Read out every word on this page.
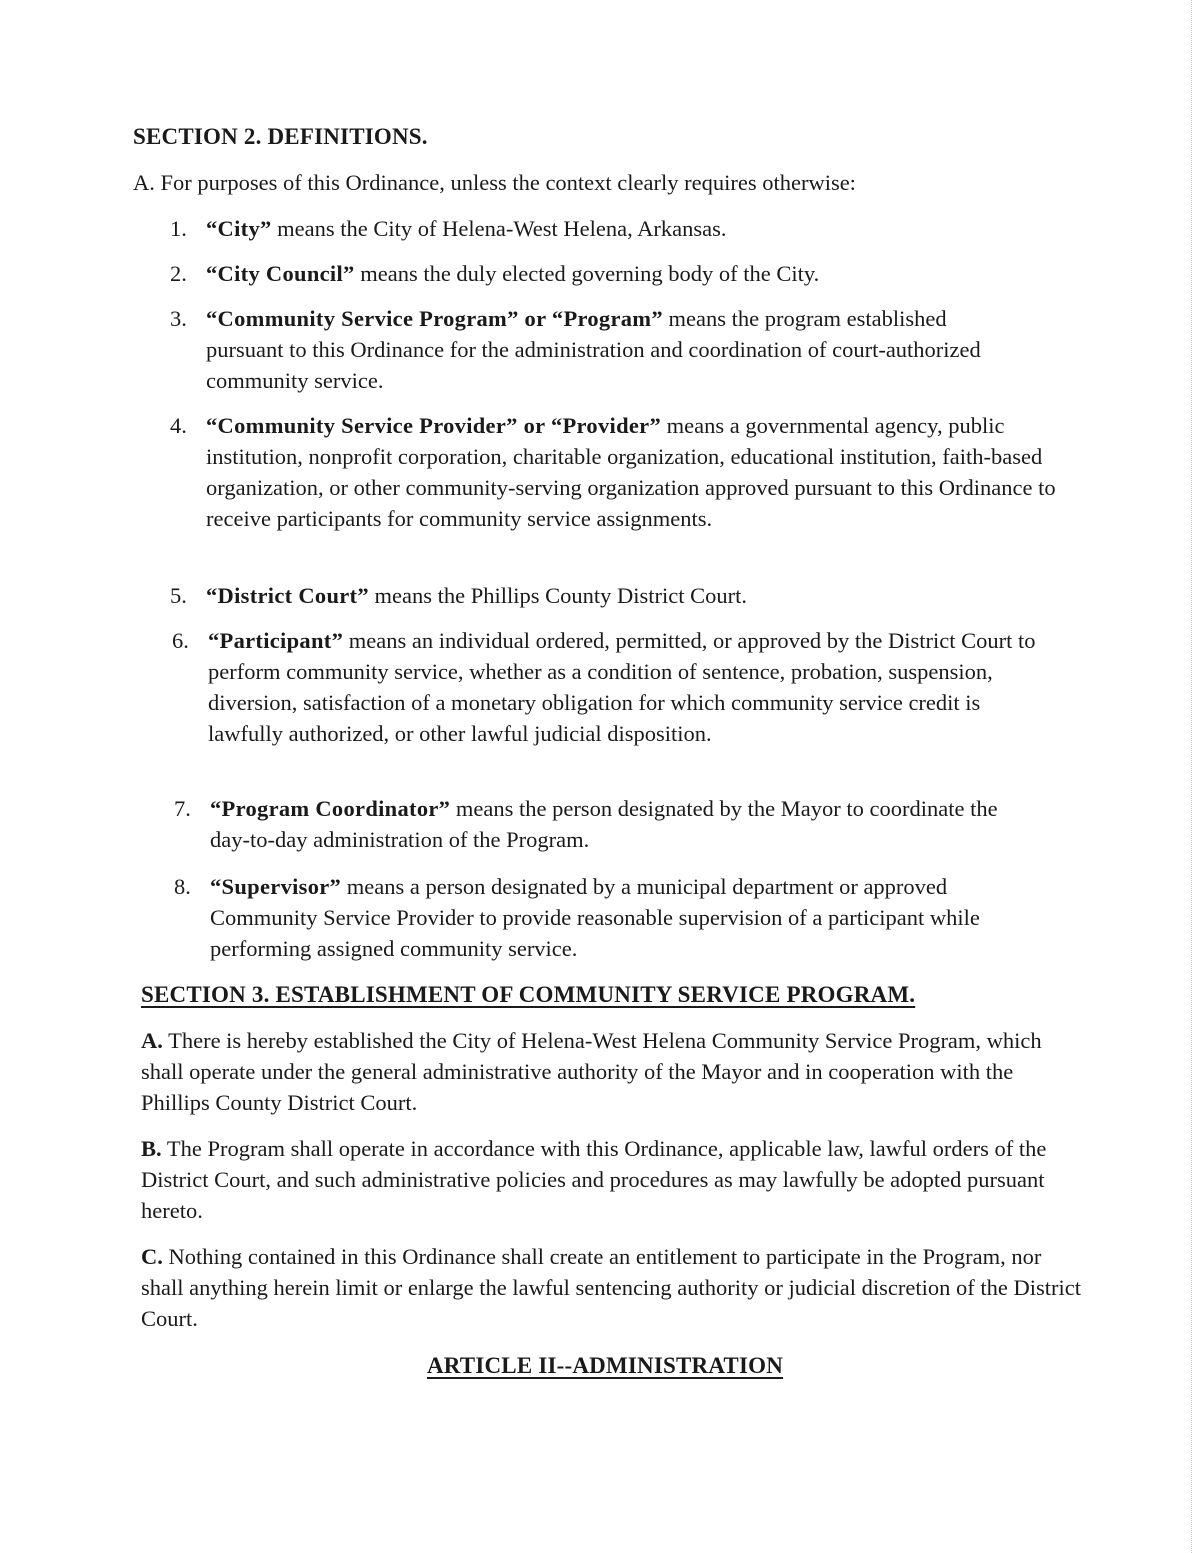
SECTION 2. DEFINITIONS.
A. For purposes of this Ordinance, unless the context clearly requires otherwise:
1. “City” means the City of Helena-West Helena, Arkansas.
2. “City Council” means the duly elected governing body of the City.
3. “Community Service Program” or “Program” means the program established pursuant to this Ordinance for the administration and coordination of court-authorized community service.
4. “Community Service Provider” or “Provider” means a governmental agency, public institution, nonprofit corporation, charitable organization, educational institution, faith-based organization, or other community-serving organization approved pursuant to this Ordinance to receive participants for community service assignments.
5. “District Court” means the Phillips County District Court.
6. “Participant” means an individual ordered, permitted, or approved by the District Court to perform community service, whether as a condition of sentence, probation, suspension, diversion, satisfaction of a monetary obligation for which community service credit is lawfully authorized, or other lawful judicial disposition.
7. “Program Coordinator” means the person designated by the Mayor to coordinate the day-to-day administration of the Program.
8. “Supervisor” means a person designated by a municipal department or approved Community Service Provider to provide reasonable supervision of a participant while performing assigned community service.
SECTION 3. ESTABLISHMENT OF COMMUNITY SERVICE PROGRAM.
A. There is hereby established the City of Helena-West Helena Community Service Program, which shall operate under the general administrative authority of the Mayor and in cooperation with the Phillips County District Court.
B. The Program shall operate in accordance with this Ordinance, applicable law, lawful orders of the District Court, and such administrative policies and procedures as may lawfully be adopted pursuant hereto.
C. Nothing contained in this Ordinance shall create an entitlement to participate in the Program, nor shall anything herein limit or enlarge the lawful sentencing authority or judicial discretion of the District Court.
ARTICLE II--ADMINISTRATION
